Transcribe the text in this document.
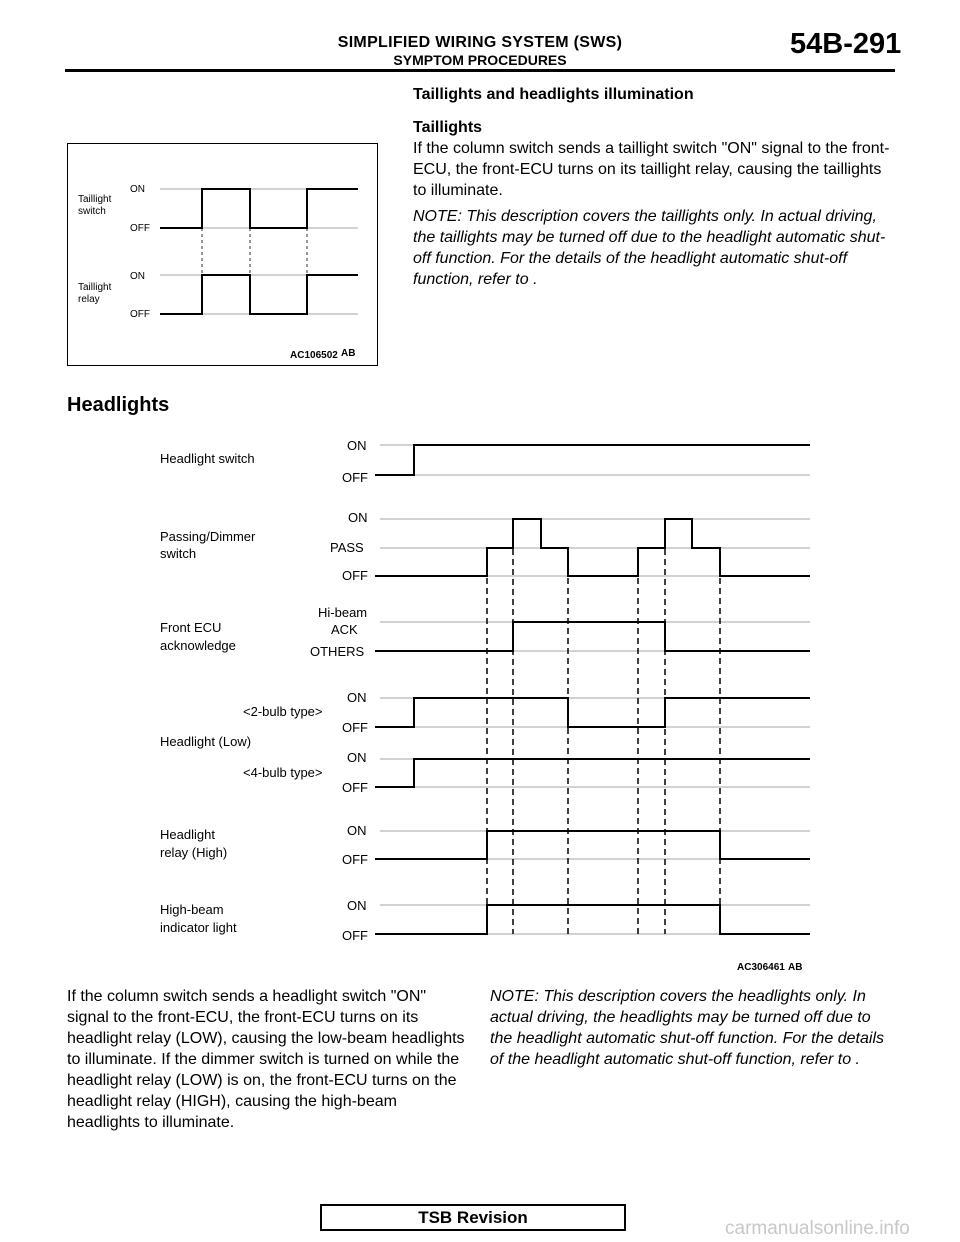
SIMPLIFIED WIRING SYSTEM (SWS)
SYMPTOM PROCEDURES	54B-291
Taillights and headlights illumination
Taillights
If the column switch sends a taillight switch "ON" signal to the front-ECU, the front-ECU turns on its taillight relay, causing the taillights to illuminate.
NOTE: This description covers the taillights only. In actual driving, the taillights may be turned off due to the headlight automatic shut-off function. For the details of the headlight automatic shut-off function, refer to .
Taillight
switch
ON
OFF
Taillight
relay
ON
OFF
AC106502 AB
Headlights
Headlight switch
ON
OFF
Passing/Dimmer
switch
ON
PASS
OFF
Front ECU
acknowledge
Hi-beam
ACK
OTHERS
<2-bulb type>
Headlight (Low)
ON
OFF
<4-bulb type>
ON
OFF
Headlight
relay (High)
ON
OFF
High-beam
indicator light
ON
OFF
AC306461 AB
If the column switch sends a headlight switch "ON" signal to the front-ECU, the front-ECU turns on its headlight relay (LOW), causing the low-beam headlights to illuminate. If the dimmer switch is turned on while the headlight relay (LOW) is on, the front-ECU turns on the headlight relay (HIGH), causing the high-beam headlights to illuminate.
NOTE: This description covers the headlights only. In actual driving, the headlights may be turned off due to the headlight automatic shut-off function. For the details of the headlight automatic shut-off function, refer to .
TSB Revision
carmanualsonline.info
